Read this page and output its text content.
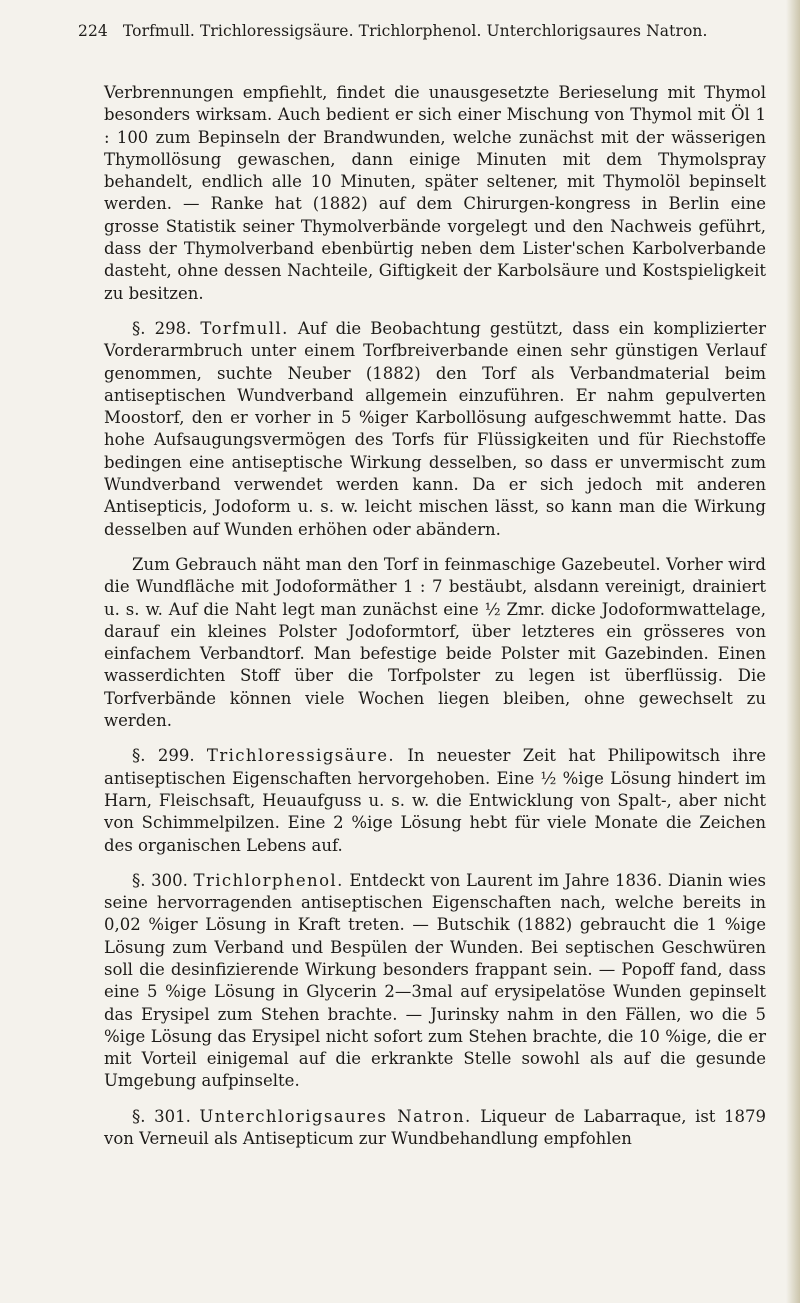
224 Torfmull. Trichloressigsäure. Trichlorphenol. Unterchlorigsaures Natron.

Verbrennungen empfiehlt, findet die unausgesetzte Berieselung mit Thymol besonders wirksam. Auch bedient er sich einer Mischung von Thymol mit Öl 1 : 100 zum Bepinseln der Brandwunden, welche zunächst mit der wässerigen Thymollösung gewaschen, dann einige Minuten mit dem Thymolspray behandelt, endlich alle 10 Minuten, später seltener, mit Thymolöl bepinselt werden. — Ranke hat (1882) auf dem Chirurgen-kongress in Berlin eine grosse Statistik seiner Thymolverbände vorgelegt und den Nachweis geführt, dass der Thymolverband ebenbürtig neben dem Lister'schen Karbolverbande dasteht, ohne dessen Nachteile, Giftigkeit der Karbolsäure und Kostspieligkeit zu besitzen.

§. 298. Torfmull. Auf die Beobachtung gestützt, dass ein komplizierter Vorderarmbruch unter einem Torfbreiverbande einen sehr günstigen Verlauf genommen, suchte Neuber (1882) den Torf als Verbandmaterial beim antiseptischen Wundverband allgemein einzuführen. Er nahm gepulverten Moostorf, den er vorher in 5 %iger Karbollösung aufgeschwemmt hatte. Das hohe Aufsaugungsvermögen des Torfs für Flüssigkeiten und für Riechstoffe bedingen eine antiseptische Wirkung desselben, so dass er unvermischt zum Wundverband verwendet werden kann. Da er sich jedoch mit anderen Antisepticis, Jodoform u. s. w. leicht mischen lässt, so kann man die Wirkung desselben auf Wunden erhöhen oder abändern.

Zum Gebrauch näht man den Torf in feinmaschige Gazebeutel. Vorher wird die Wundfläche mit Jodoformäther 1 : 7 bestäubt, alsdann vereinigt, drainiert u. s. w. Auf die Naht legt man zunächst eine ½ Zmr. dicke Jodoformwattelage, darauf ein kleines Polster Jodoformtorf, über letzteres ein grösseres von einfachem Verbandtorf. Man befestige beide Polster mit Gazebinden. Einen wasserdichten Stoff über die Torfpolster zu legen ist überflüssig. Die Torfverbände können viele Wochen liegen bleiben, ohne gewechselt zu werden.

§. 299. Trichloressigsäure. In neuester Zeit hat Philipowitsch ihre antiseptischen Eigenschaften hervorgehoben. Eine ½ %ige Lösung hindert im Harn, Fleischsaft, Heuaufguss u. s. w. die Entwicklung von Spalt-, aber nicht von Schimmelpilzen. Eine 2 %ige Lösung hebt für viele Monate die Zeichen des organischen Lebens auf.

§. 300. Trichlorphenol. Entdeckt von Laurent im Jahre 1836. Dianin wies seine hervorragenden antiseptischen Eigenschaften nach, welche bereits in 0,02 %iger Lösung in Kraft treten. — Butschik (1882) gebraucht die 1 %ige Lösung zum Verband und Bespülen der Wunden. Bei septischen Geschwüren soll die desinfizierende Wirkung besonders frappant sein. — Popoff fand, dass eine 5 %ige Lösung in Glycerin 2—3mal auf erysipelatöse Wunden gepinselt das Erysipel zum Stehen brachte. — Jurinsky nahm in den Fällen, wo die 5 %ige Lösung das Erysipel nicht sofort zum Stehen brachte, die 10 %ige, die er mit Vorteil einigemal auf die erkrankte Stelle sowohl als auf die gesunde Umgebung aufpinselte.

§. 301. Unterchlorigsaures Natron. Liqueur de Labarraque, ist 1879 von Verneuil als Antisepticum zur Wundbehandlung empfohlen
